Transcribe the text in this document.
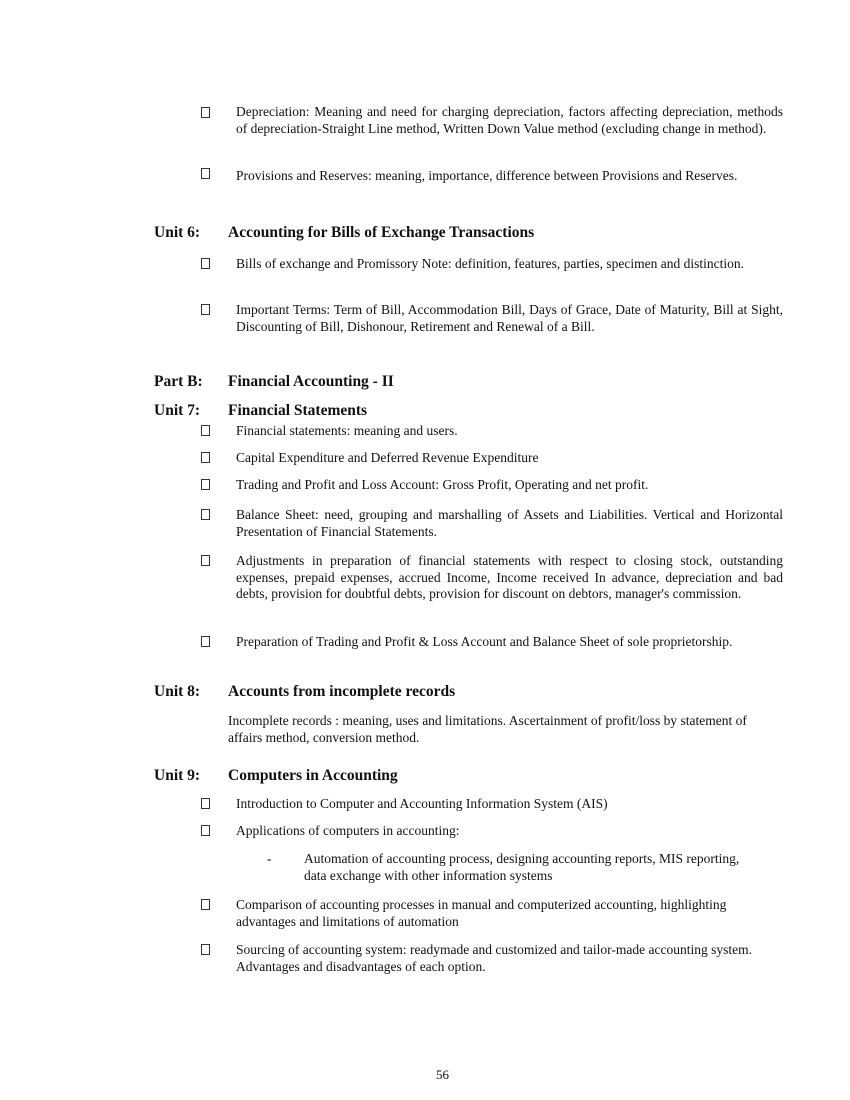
Depreciation: Meaning and need for charging depreciation, factors affecting depreciation, methods of depreciation-Straight Line method, Written Down Value method (excluding change in method).
Provisions and Reserves: meaning, importance, difference between Provisions and Reserves.
Unit 6: Accounting for Bills of Exchange Transactions
Bills of exchange and Promissory Note: definition, features, parties, specimen and distinction.
Important Terms: Term of Bill, Accommodation Bill, Days of Grace, Date of Maturity, Bill at Sight, Discounting of Bill, Dishonour, Retirement and Renewal of a Bill.
Part B: Financial Accounting - II
Unit 7: Financial Statements
Financial statements: meaning and users.
Capital Expenditure and Deferred Revenue Expenditure
Trading and Profit and Loss Account: Gross Profit, Operating and net profit.
Balance Sheet: need, grouping and marshalling of Assets and Liabilities. Vertical and Horizontal Presentation of Financial Statements.
Adjustments in preparation of financial statements with respect to closing stock, outstanding expenses, prepaid expenses, accrued Income, Income received In advance, depreciation and bad debts, provision for doubtful debts, provision for discount on debtors, manager's commission.
Preparation of Trading and Profit & Loss Account and Balance Sheet of sole proprietorship.
Unit 8: Accounts from incomplete records
Incomplete records : meaning, uses and limitations. Ascertainment of profit/loss by statement of affairs method, conversion method.
Unit 9: Computers in Accounting
Introduction to Computer and Accounting Information System (AIS)
Applications of computers in accounting:
- Automation of accounting process, designing accounting reports, MIS reporting, data exchange with other information systems
Comparison of accounting processes in manual and computerized accounting, highlighting advantages and limitations of automation
Sourcing of accounting system: readymade and customized and tailor-made accounting system. Advantages and disadvantages of each option.
56
